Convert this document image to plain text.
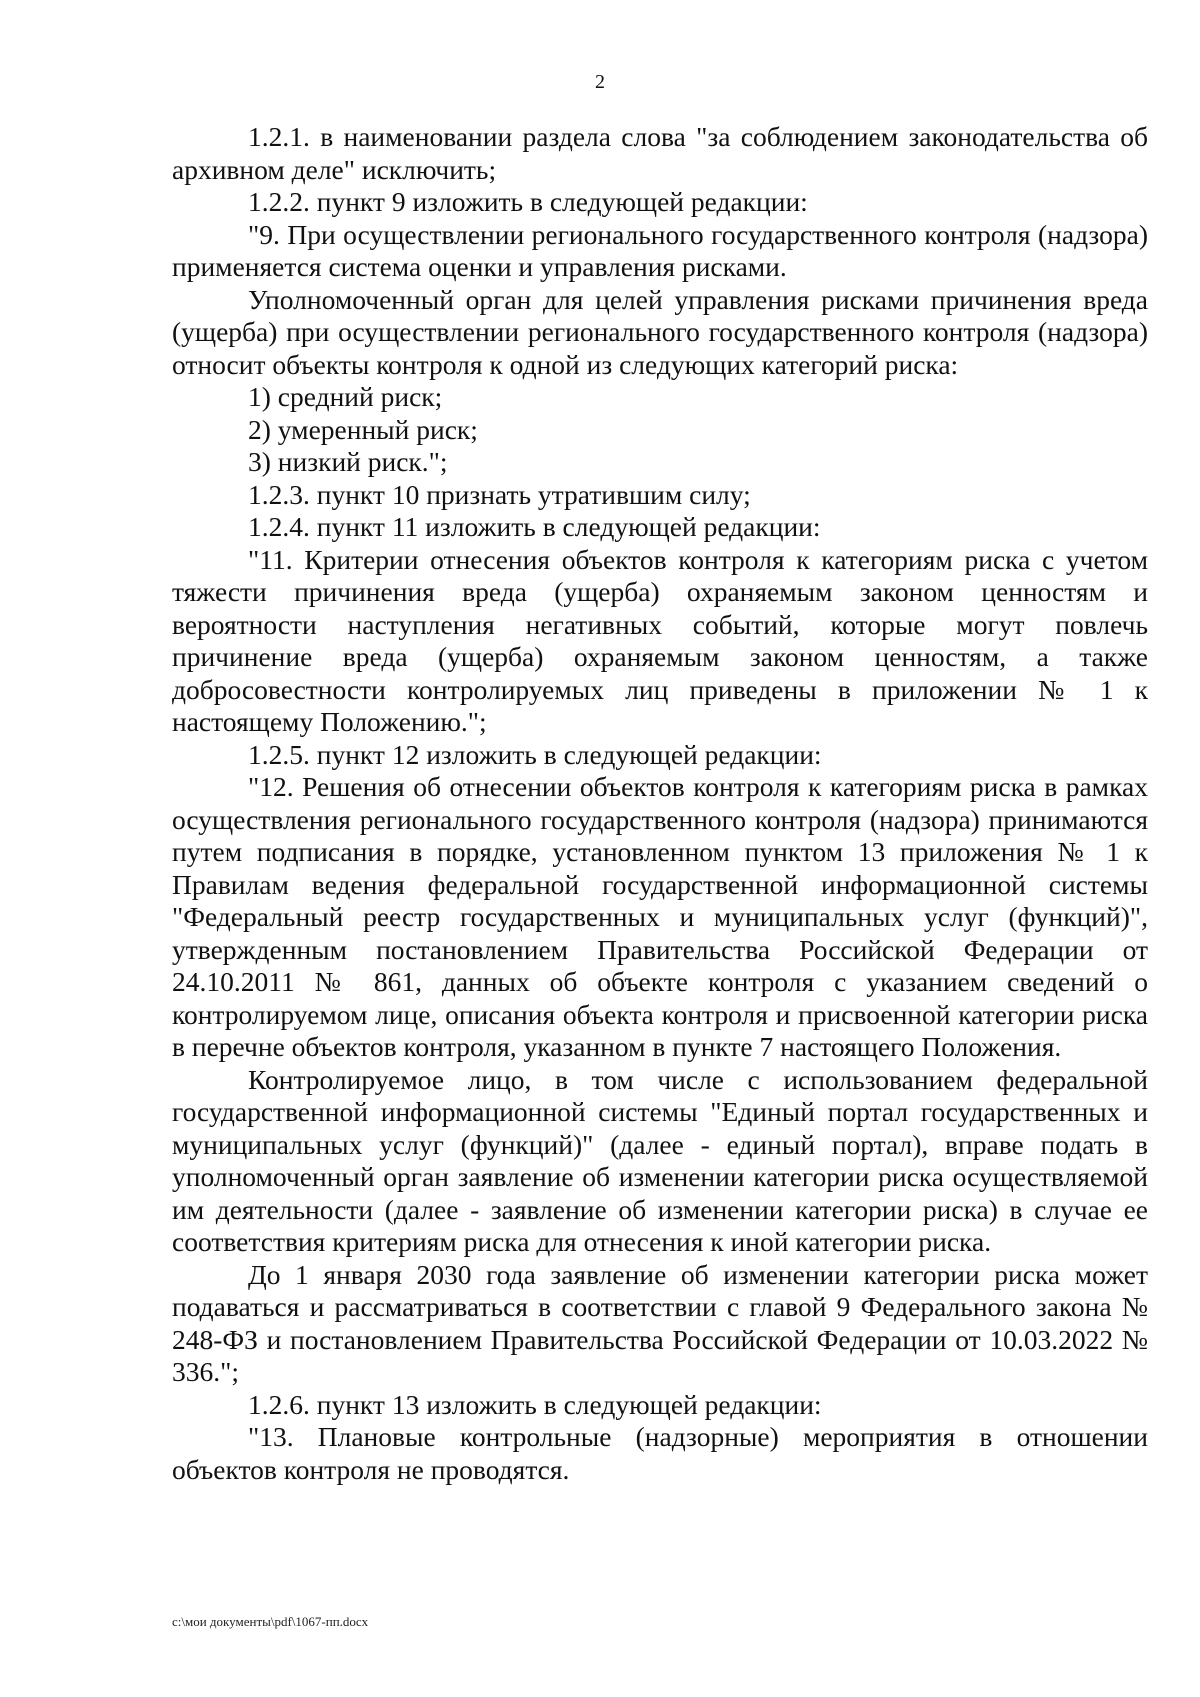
2

1.2.1. в наименовании раздела слова "за соблюдением законодательства об архивном деле" исключить;

1.2.2. пункт 9 изложить в следующей редакции:

"9. При осуществлении регионального государственного контроля (надзора) применяется система оценки и управления рисками.

Уполномоченный орган для целей управления рисками причинения вреда (ущерба) при осуществлении регионального государственного контроля (надзора) относит объекты контроля к одной из следующих категорий риска:

1) средний риск;

2) умеренный риск;

3) низкий риск.";

1.2.3. пункт 10 признать утратившим силу;

1.2.4. пункт 11 изложить в следующей редакции:

"11. Критерии отнесения объектов контроля к категориям риска с учетом тяжести причинения вреда (ущерба) охраняемым законом ценностям и вероятности наступления негативных событий, которые могут повлечь причинение вреда (ущерба) охраняемым законом ценностям, а также добросовестности контролируемых лиц приведены в приложении № 1 к настоящему Положению.";

1.2.5. пункт 12 изложить в следующей редакции:

"12. Решения об отнесении объектов контроля к категориям риска в рамках осуществления регионального государственного контроля (надзора) принимаются путем подписания в порядке, установленном пунктом 13 приложения № 1 к Правилам ведения федеральной государственной информационной системы "Федеральный реестр государственных и муниципальных услуг (функций)", утвержденным постановлением Правительства Российской Федерации от 24.10.2011 № 861, данных об объекте контроля с указанием сведений о контролируемом лице, описания объекта контроля и присвоенной категории риска в перечне объектов контроля, указанном в пункте 7 настоящего Положения.

Контролируемое лицо, в том числе с использованием федеральной государственной информационной системы "Единый портал государственных и муниципальных услуг (функций)" (далее - единый портал), вправе подать в уполномоченный орган заявление об изменении категории риска осуществляемой им деятельности (далее - заявление об изменении категории риска) в случае ее соответствия критериям риска для отнесения к иной категории риска.

До 1 января 2030 года заявление об изменении категории риска может подаваться и рассматриваться в соответствии с главой 9 Федерального закона № 248-ФЗ и постановлением Правительства Российской Федерации от 10.03.2022 № 336.";

1.2.6. пункт 13 изложить в следующей редакции:

"13. Плановые контрольные (надзорные) мероприятия в отношении объектов контроля не проводятся.

c:\мои документы\pdf\1067-пп.docx
